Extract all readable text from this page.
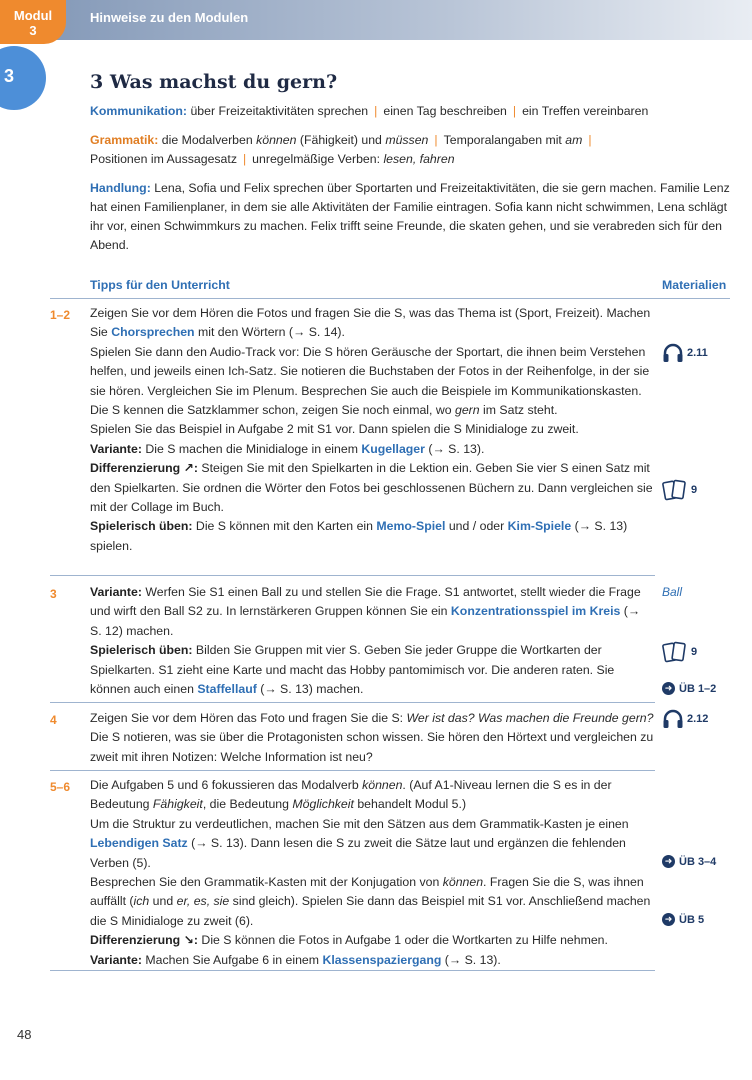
Hinweise zu den Modulen
Modul
3
3	3 Was machst du gern?
Kommunikation: über Freizeitaktivitäten sprechen | einen Tag beschreiben | ein Treffen vereinbaren
Grammatik: die Modalverben können (Fähigkeit) und müssen | Temporalangaben mit am |
Positionen im Aussagesatz | unregelmäßige Verben: lesen, fahren
Handlung: Lena, Sofia und Felix sprechen über Sportarten und Freizeitaktivitäten, die sie gern machen. Familie Lenz hat einen Familienplaner, in dem sie alle Aktivitäten der Familie eintragen. Sofia kann nicht schwimmen, Lena schlägt ihr vor, einen Schwimmkurs zu machen. Felix trifft seine Freunde, die skaten gehen, und sie verabreden sich für den Abend.
Tipps für den Unterricht	Materialien
1–2 Zeigen Sie vor dem Hören die Fotos und fragen Sie die S, was das Thema ist (Sport, Freizeit). Machen Sie Chorsprechen mit den Wörtern (→ S. 14).

Spielen Sie dann den Audio-Track vor: Die S hören Geräusche der Sportart, die ihnen beim Verstehen helfen, und jeweils einen Ich-Satz. Sie notieren die Buchstaben der Fotos in der Reihenfolge, in der sie sie hören. Vergleichen Sie im Plenum. Besprechen Sie auch die Beispiele im Kommunikationskasten. Die S kennen die Satzklammer schon, zeigen Sie noch einmal, wo gern im Satz steht.

Spielen Sie das Beispiel in Aufgabe 2 mit S1 vor. Dann spielen die S Minidialoge zu zweit.

Variante: Die S machen die Minidialoge in einem Kugellager (→ S. 13).

Differenzierung ↗: Steigen Sie mit den Spielkarten in die Lektion ein. Geben Sie vier S einen Satz mit den Spielkarten. Sie ordnen die Wörter den Fotos bei geschlossenen Büchern zu. Dann vergleichen sie mit der Collage im Buch.

Spielerisch üben: Die S können mit den Karten ein Memo-Spiel und / oder Kim-Spiele (→ S. 13) spielen.

2.11
9
3	Variante: Werfen Sie S1 einen Ball zu und stellen Sie die Frage. S1 antwortet, stellt wieder die Frage und wirft den Ball S2 zu. In lernstärkeren Gruppen können Sie ein Konzentrationsspiel im Kreis (→ S. 12) machen.

Spielerisch üben: Bilden Sie Gruppen mit vier S. Geben Sie jeder Gruppe die Wortkarten der Spielkarten. S1 zieht eine Karte und macht das Hobby pantomimisch vor. Die anderen raten. Sie können auch einen Staffellauf (→ S. 13) machen.

Ball
9
➜ ÜB 1–2
4	Zeigen Sie vor dem Hören das Foto und fragen Sie die S: Wer ist das? Was machen die Freunde gern? Die S notieren, was sie über die Protagonisten schon wissen. Sie hören den Hörtext und vergleichen zu zweit mit ihren Notizen: Welche Information ist neu?

2.12
5–6 Die Aufgaben 5 und 6 fokussieren das Modalverb können. (Auf A1-Niveau lernen die S es in der Bedeutung Fähigkeit, die Bedeutung Möglichkeit behandelt Modul 5.)

Um die Struktur zu verdeutlichen, machen Sie mit den Sätzen aus dem Grammatik-Kasten je einen Lebendigen Satz (→ S. 13). Dann lesen die S zu zweit die Sätze laut und ergänzen die fehlenden Verben (5).

Besprechen Sie den Grammatik-Kasten mit der Konjugation von können. Fragen Sie die S, was ihnen auffällt (ich und er, es, sie sind gleich). Spielen Sie dann das Beispiel mit S1 vor. Anschließend machen die S Minidialoge zu zweit (6).

Differenzierung ↘: Die S können die Fotos in Aufgabe 1 oder die Wortkarten zu Hilfe nehmen.

Variante: Machen Sie Aufgabe 6 in einem Klassenspaziergang (→ S. 13).

➜ ÜB 3–4
➜ ÜB 5
48
